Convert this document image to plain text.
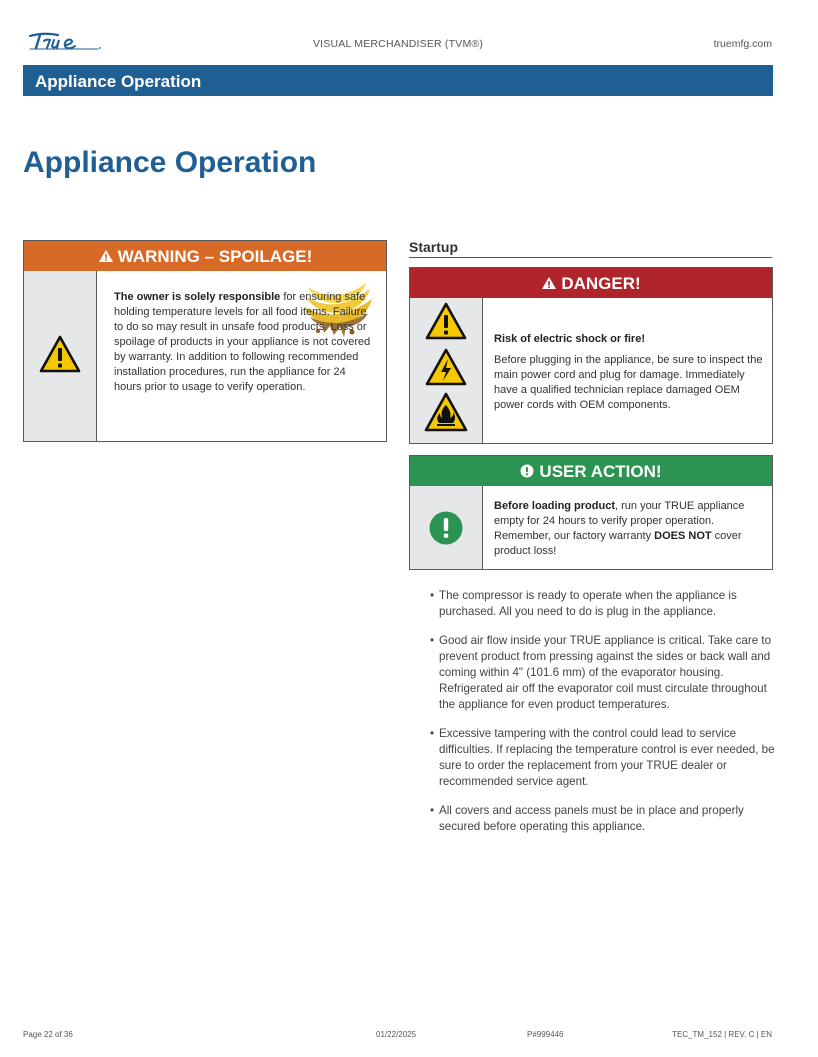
VISUAL MERCHANDISER (TVM®)	truemfg.com
Appliance Operation
Appliance Operation
WARNING – SPOILAGE!

The owner is solely responsible for ensuring safe holding temperature levels for all food items. Failure to do so may result in unsafe food products. Loss or spoilage of products in your appliance is not covered by warranty. In addition to following recommended installation procedures, run the appliance for 24 hours prior to usage to verify operation.

Startup
DANGER!

Risk of electric shock or fire!

Before plugging in the appliance, be sure to inspect the main power cord and plug for damage. Immediately have a qualified technician replace damaged OEM power cords with OEM components.

USER ACTION!

Before loading product, run your TRUE appliance empty for 24 hours to verify proper operation. Remember, our factory warranty DOES NOT cover product loss!

• The compressor is ready to operate when the appliance is purchased. All you need to do is plug in the appliance.
• Good air flow inside your TRUE appliance is critical. Take care to prevent product from pressing against the sides or back wall and coming within 4" (101.6 mm) of the evaporator housing. Refrigerated air off the evaporator coil must circulate throughout the appliance for even product temperatures.
• Excessive tampering with the control could lead to service difficulties. If replacing the temperature control is ever needed, be sure to order the replacement from your TRUE dealer or recommended service agent.
• All covers and access panels must be in place and properly secured before operating this appliance.
Page 22 of 36	01/22/2025	P#999446	TEC_TM_152 | REV. C | EN
